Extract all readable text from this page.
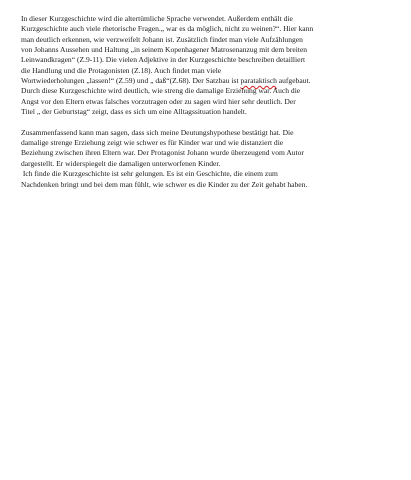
In dieser Kurzgeschichte wird die altertümliche Sprache verwendet. Außerdem enthält die
Kurzgeschichte auch viele rhetorische Fragen.„ war es da möglich, nicht zu weinen?“. Hier kann
man deutlich erkennen, wie verzweifelt Johann ist. Zusätzlich findet man viele Aufzählungen
von Johanns Aussehen und Haltung „in seinem Kopenhagener Matrosenanzug mit dem breiten
Leinwandkragen“ (Z.9-11). Die vielen Adjektive in der Kurzgeschichte beschreiben detailliert
die Handlung und die Protagonisten (Z.18). Auch findet man viele
Wortwiederholungen „lassen!“ (Z.59) und „ daß“(Z.68). Der Satzbau ist parataktisch aufgebaut.
Durch diese Kurzgeschichte wird deutlich, wie streng die damalige Erziehung war. Auch die
Angst vor den Eltern etwas falsches vorzutragen oder zu sagen wird hier sehr deutlich. Der
Titel „ der Geburtstag“ zeigt, dass es sich um eine Alltagssituation handelt.

Zusammenfassend kann man sagen, dass sich meine Deutungshypothese bestätigt hat. Die
damalige strenge Erziehung zeigt wie schwer es für Kinder war und wie distanziert die
Beziehung zwischen ihren Eltern war. Der Protagonist Johann wurde überzeugend vom Autor
dargestellt. Er widerspiegelt die damaligen unterworfenen Kinder.
Ich finde die Kurzgeschichte ist sehr gelungen. Es ist ein Geschichte, die einem zum
Nachdenken bringt und bei dem man fühlt, wie schwer es die Kinder zu der Zeit gehabt haben.
